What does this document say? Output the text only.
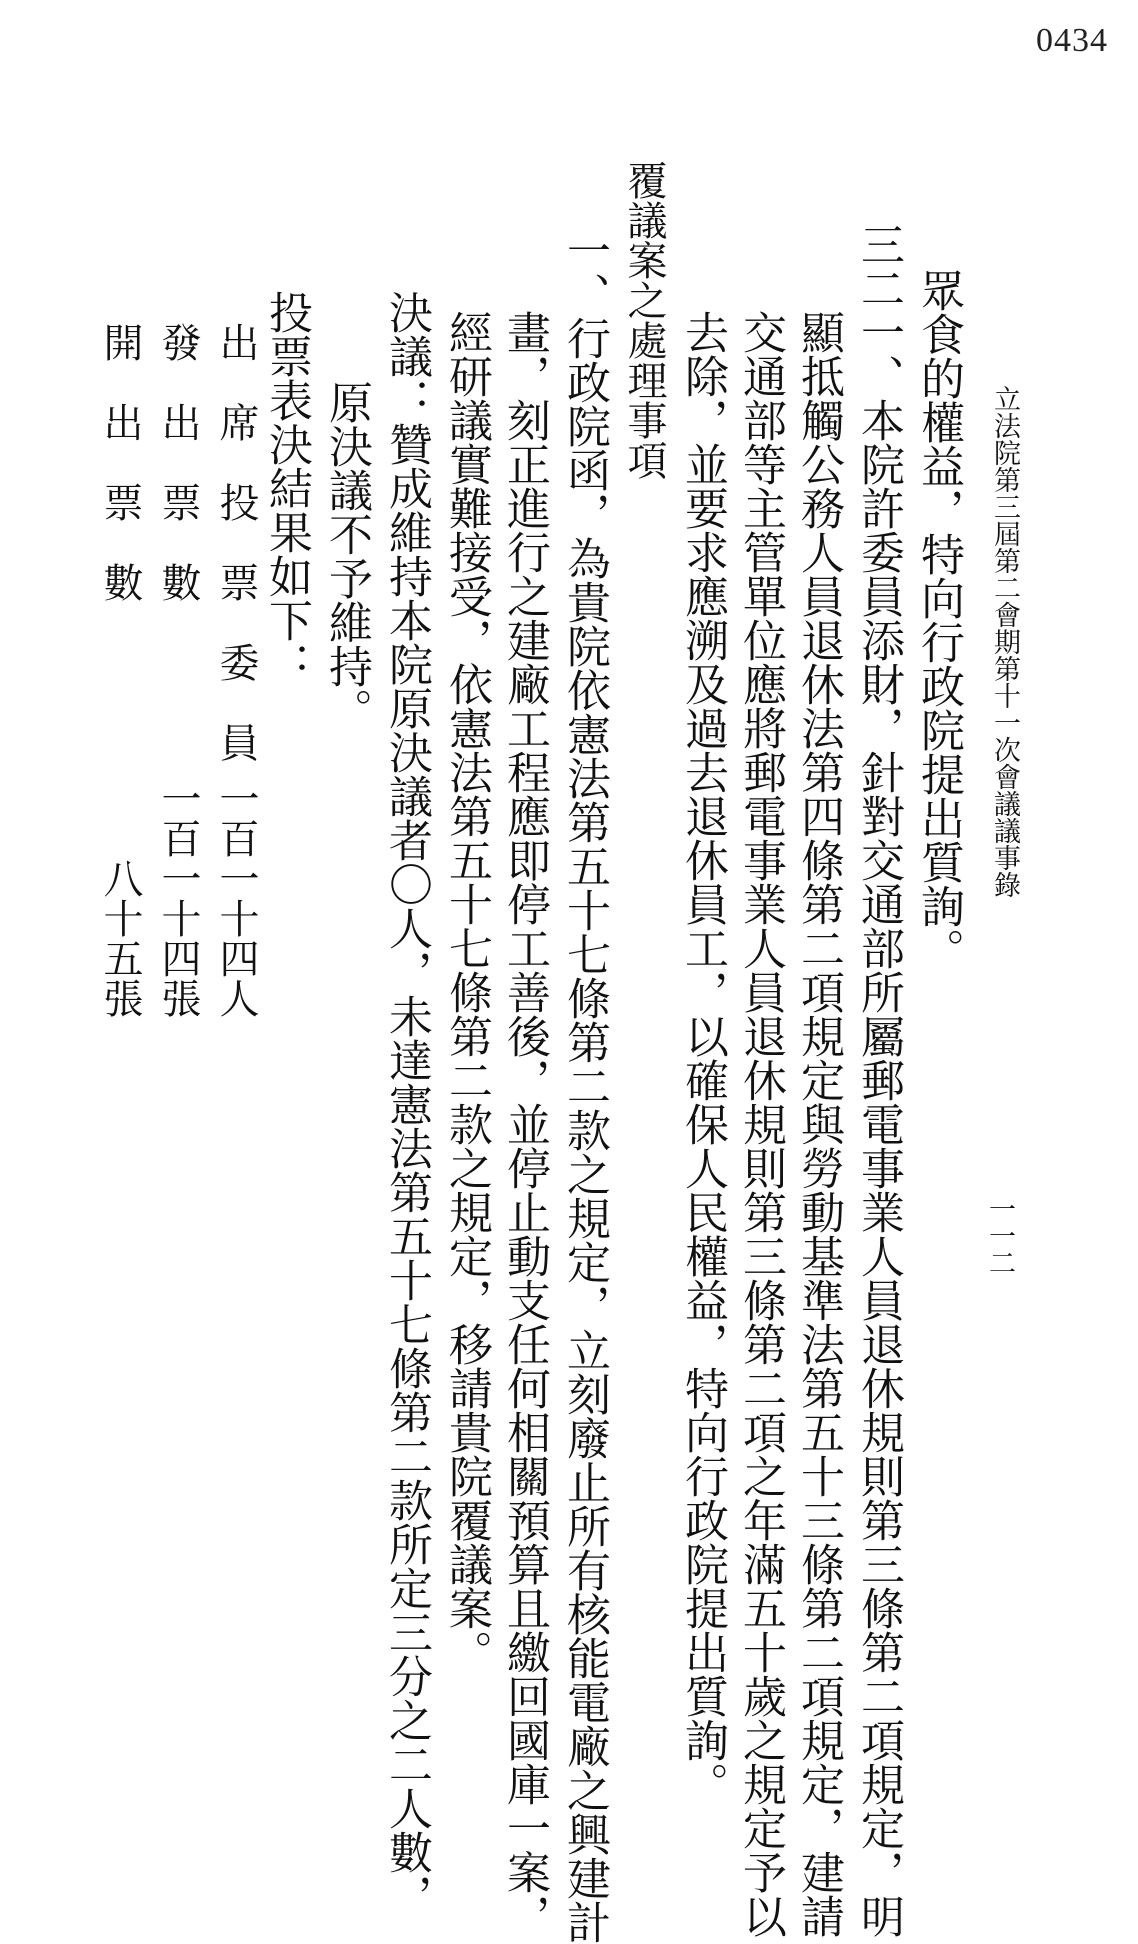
0434
立法院第三屆第二會期第十一次會議議事錄
一一二
眾食的權益，特向行政院提出質詢。
三二一、本院許委員添財，針對交通部所屬郵電事業人員退休規則第三條第二項規定，明
顯抵觸公務人員退休法第四條第二項規定與勞動基準法第五十三條第二項規定，建請
交通部等主管單位應將郵電事業人員退休規則第三條第二項之年滿五十歲之規定予以
去除，並要求應溯及過去退休員工，以確保人民權益，特向行政院提出質詢。
覆議案之處理事項
一、行政院函，為貴院依憲法第五十七條第二款之規定，立刻廢止所有核能電廠之興建計
畫，刻正進行之建廠工程應即停工善後，並停止動支任何相關預算且繳回國庫一案，
經研議實難接受，依憲法第五十七條第二款之規定，移請貴院覆議案。
決議：贊成維持本院原決議者〇人，未達憲法第五十七條第二款所定三分之二人數，
原決議不予維持。
投票表決結果如下：
出　席　投　票　委　員
一百一十四人
發　出　票　數
一百一十四張
開　出　票　數
八十五張
